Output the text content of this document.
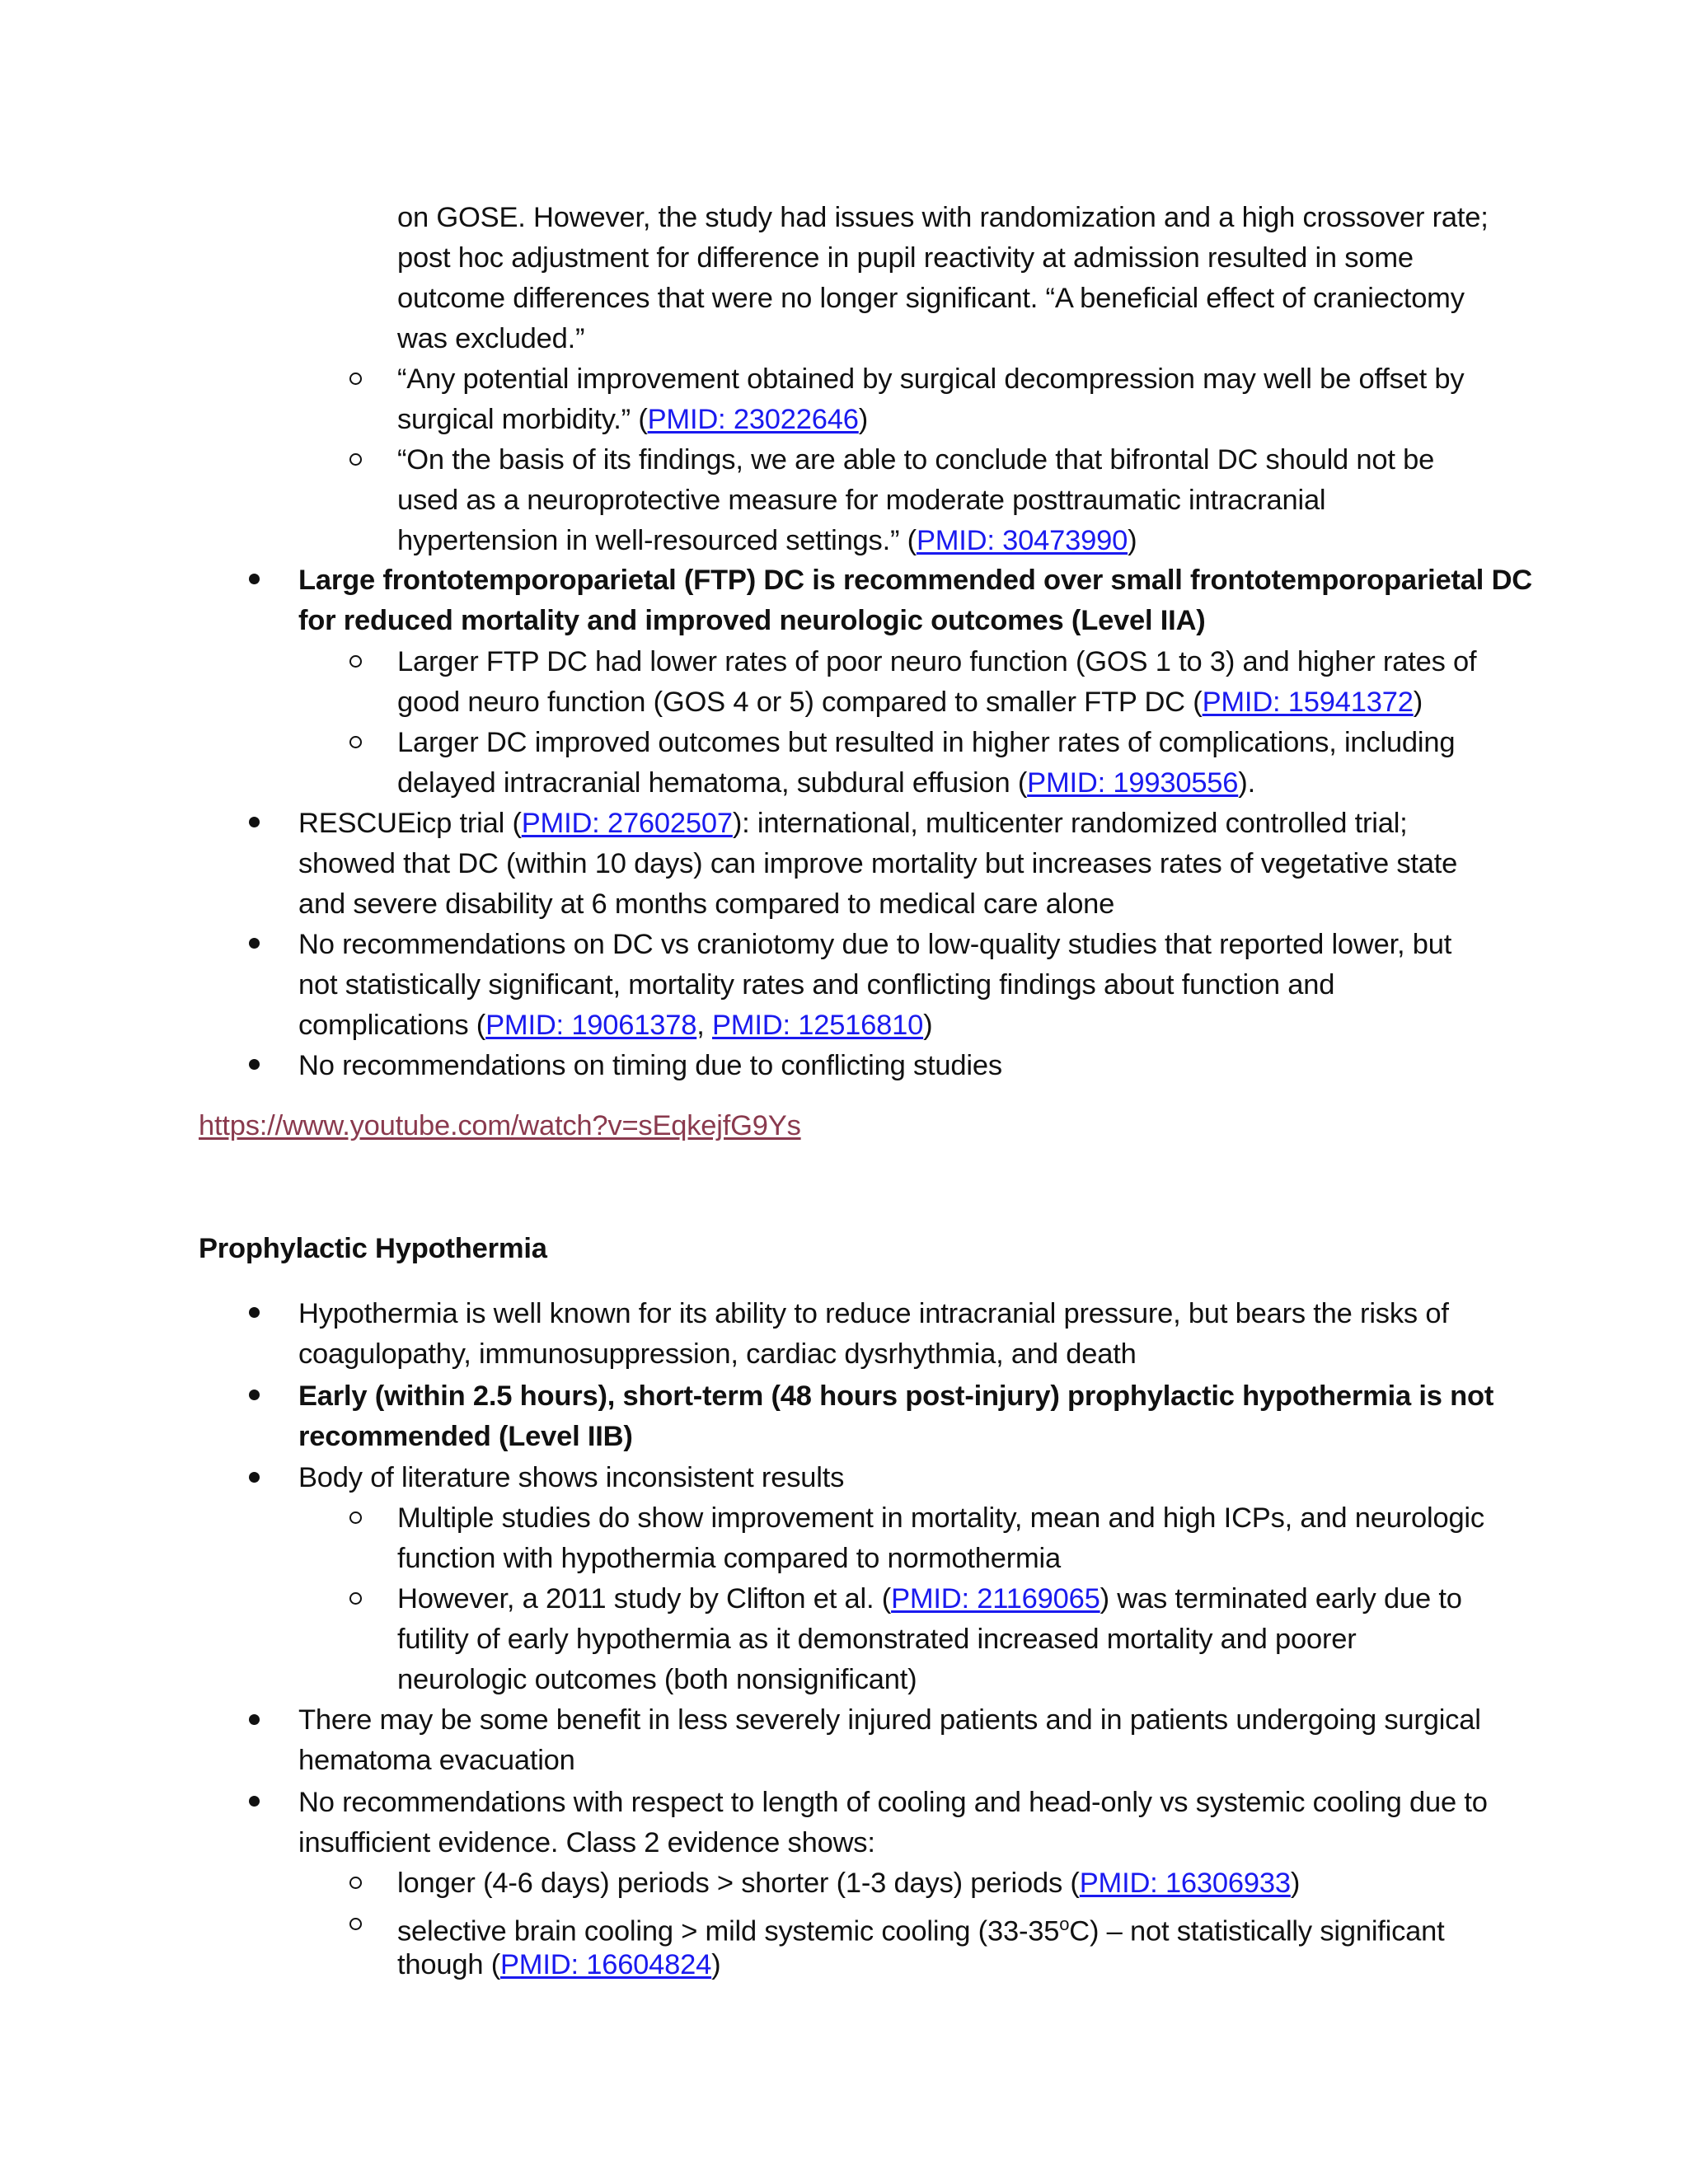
on GOSE. However, the study had issues with randomization and a high crossover rate;
post hoc adjustment for difference in pupil reactivity at admission resulted in some
outcome differences that were no longer significant. “A beneficial effect of craniectomy
was excluded.”
“Any potential improvement obtained by surgical decompression may well be offset by
surgical morbidity.” (PMID: 23022646)
“On the basis of its findings, we are able to conclude that bifrontal DC should not be
used as a neuroprotective measure for moderate posttraumatic intracranial
hypertension in well-resourced settings.” (PMID: 30473990)
Large frontotemporoparietal (FTP) DC is recommended over small frontotemporoparietal DC
for reduced mortality and improved neurologic outcomes (Level IIA)
Larger FTP DC had lower rates of poor neuro function (GOS 1 to 3) and higher rates of
good neuro function (GOS 4 or 5) compared to smaller FTP DC (PMID: 15941372)
Larger DC improved outcomes but resulted in higher rates of complications, including
delayed intracranial hematoma, subdural effusion (PMID: 19930556).
RESCUEicp trial (PMID: 27602507): international, multicenter randomized controlled trial;
showed that DC (within 10 days) can improve mortality but increases rates of vegetative state
and severe disability at 6 months compared to medical care alone
No recommendations on DC vs craniotomy due to low-quality studies that reported lower, but
not statistically significant, mortality rates and conflicting findings about function and
complications (PMID: 19061378, PMID: 12516810)
No recommendations on timing due to conflicting studies
https://www.youtube.com/watch?v=sEqkejfG9Ys
Prophylactic Hypothermia
Hypothermia is well known for its ability to reduce intracranial pressure, but bears the risks of
coagulopathy, immunosuppression, cardiac dysrhythmia, and death
Early (within 2.5 hours), short-term (48 hours post-injury) prophylactic hypothermia is not
recommended (Level IIB)
Body of literature shows inconsistent results
Multiple studies do show improvement in mortality, mean and high ICPs, and neurologic
function with hypothermia compared to normothermia
However, a 2011 study by Clifton et al. (PMID: 21169065) was terminated early due to
futility of early hypothermia as it demonstrated increased mortality and poorer
neurologic outcomes (both nonsignificant)
There may be some benefit in less severely injured patients and in patients undergoing surgical
hematoma evacuation
No recommendations with respect to length of cooling and head-only vs systemic cooling due to
insufficient evidence. Class 2 evidence shows:
longer (4-6 days) periods > shorter (1-3 days) periods (PMID: 16306933)
selective brain cooling > mild systemic cooling (33-35$^o$C) – not statistically significant
though (PMID: 16604824)
